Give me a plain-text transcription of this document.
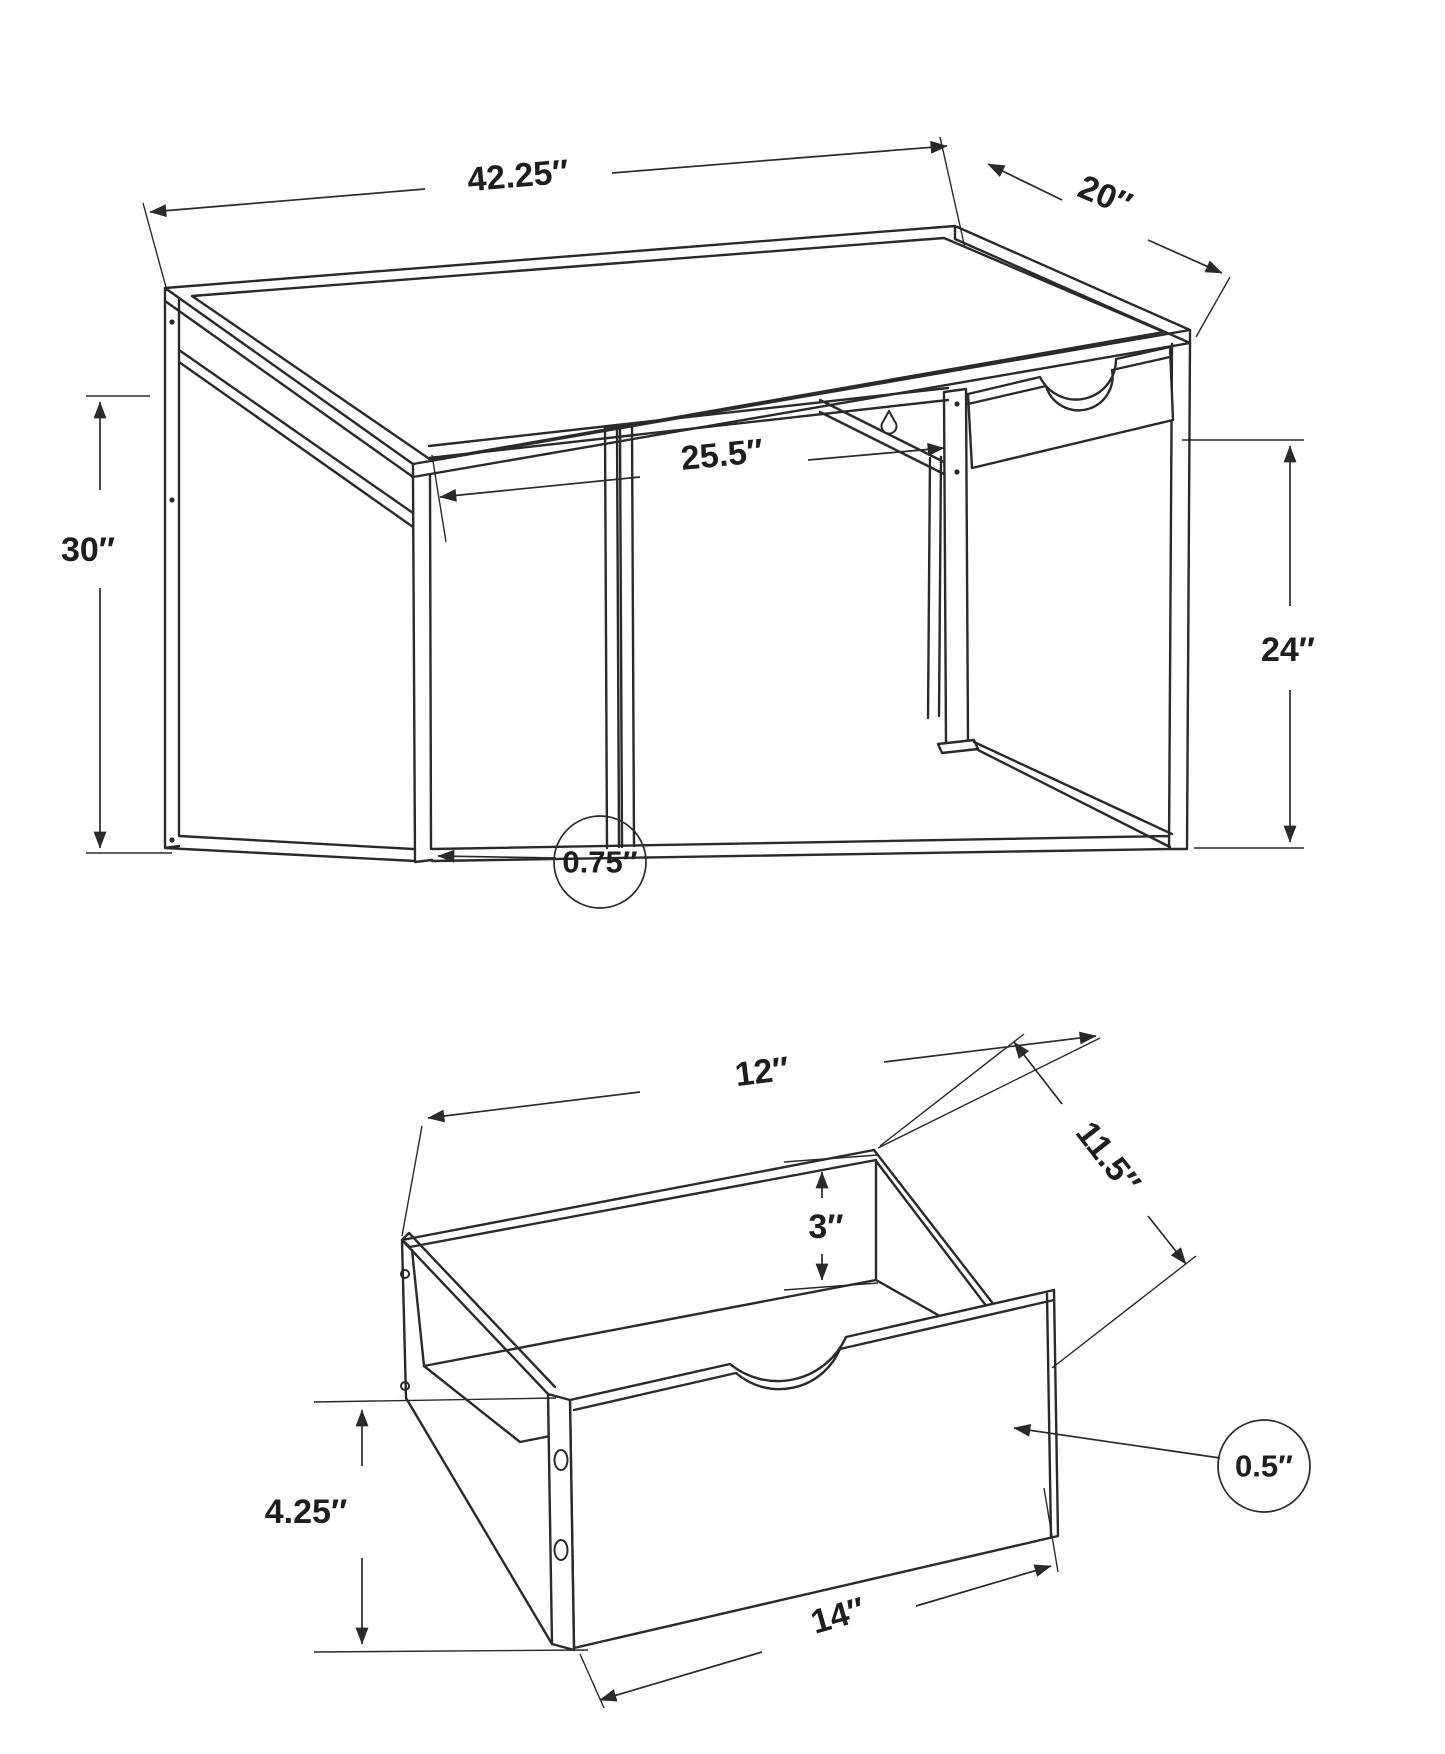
42.25″	20″
30″
25.5″
24″
0.75″
12″
3″
11.5″
4.25″
0.5″
14″
